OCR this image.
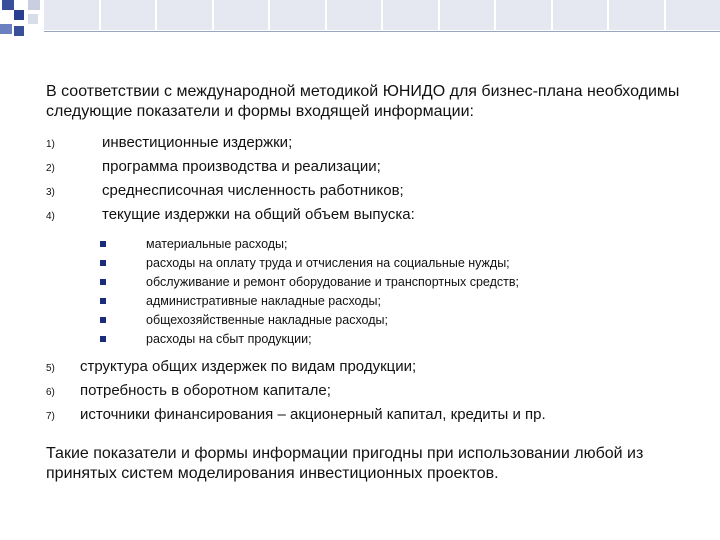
В соответствии с международной методикой ЮНИДО для бизнес-плана необходимы следующие показатели и формы входящей информации:

1)	инвестиционные издержки;
2)	программа производства и реализации;
3)	среднесписочная численность работников;
4)	текущие издержки на общий объем выпуска:
материальные расходы;
расходы на оплату труда и отчисления на социальные нужды;
обслуживание и ремонт оборудование и транспортных средств;
административные накладные расходы;
общехозяйственные накладные расходы;
расходы на сбыт продукции;
5)	структура общих издержек по видам продукции;
6)	потребность в оборотном капитале;
7)	источники финансирования – акционерный капитал, кредиты и пр.

Такие показатели и формы информации пригодны при использовании любой из принятых систем моделирования инвестиционных проектов.
